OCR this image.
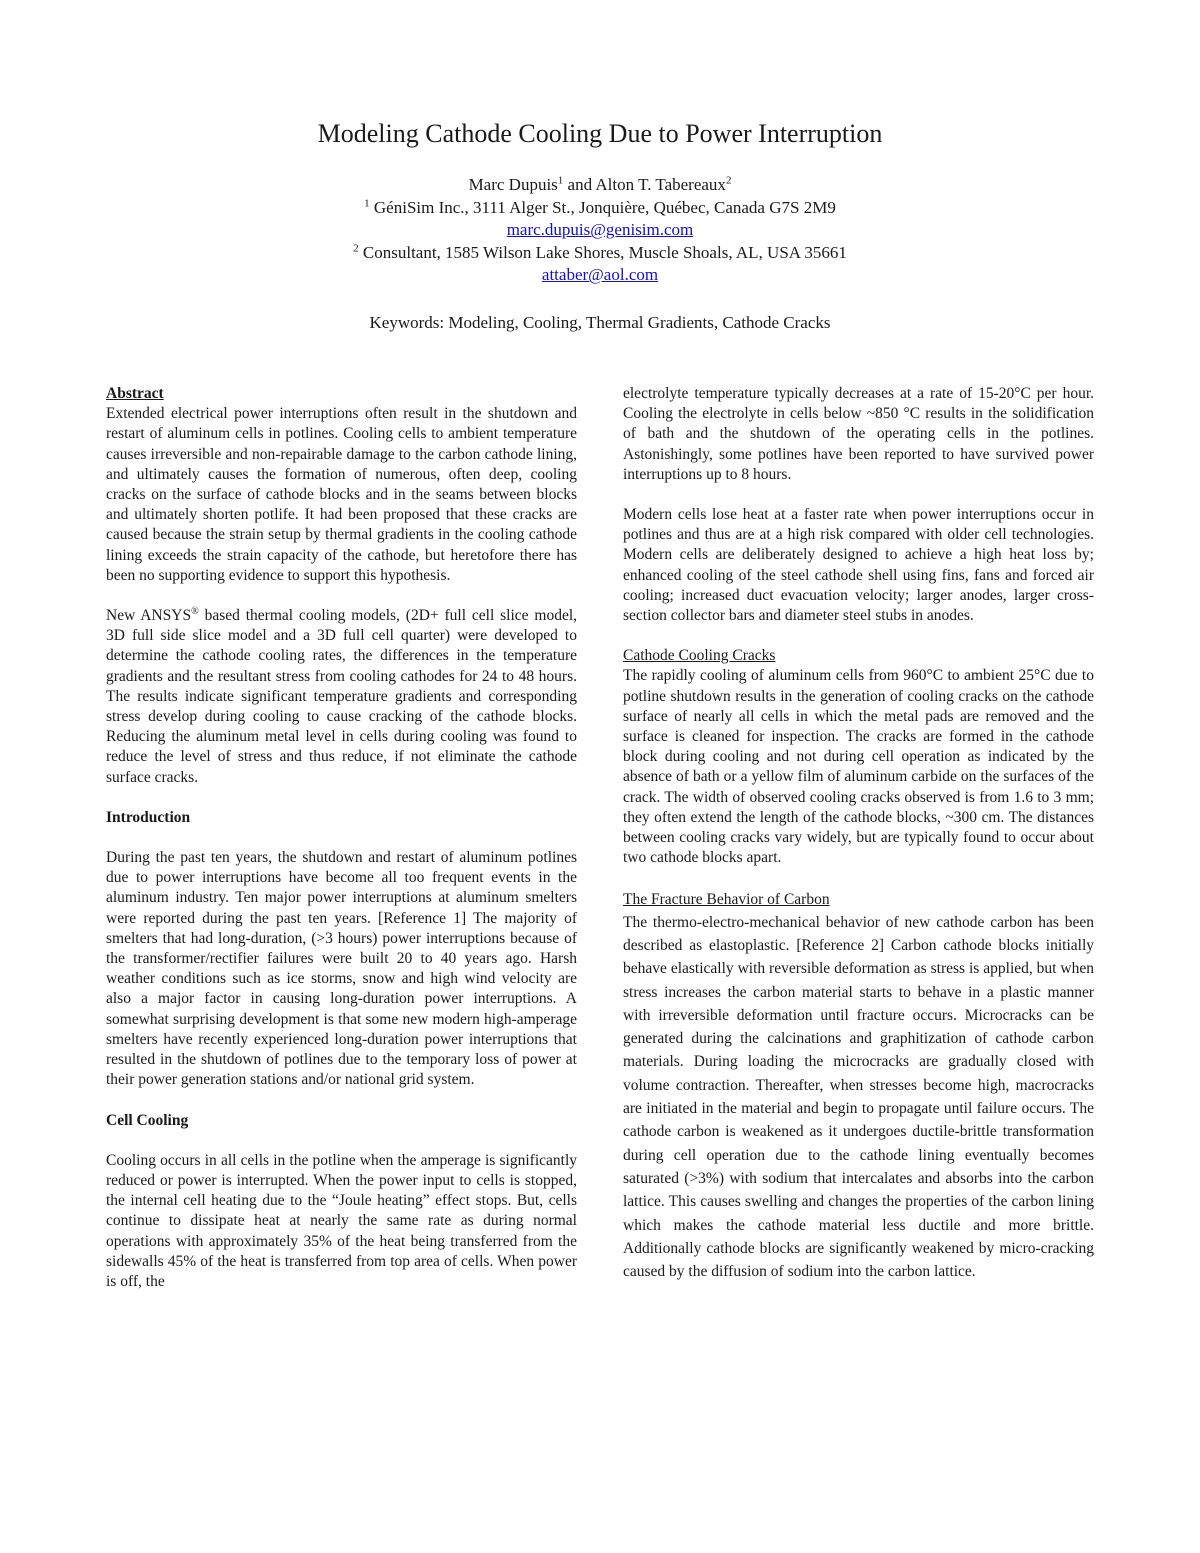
Modeling Cathode Cooling Due to Power Interruption
Marc Dupuis$^1$ and Alton T. Tabereaux$^2$
$^1$ GéniSim Inc., 3111 Alger St., Jonquière, Québec, Canada G7S 2M9
marc.dupuis@genisim.com
$^2$ Consultant, 1585 Wilson Lake Shores, Muscle Shoals, AL, USA 35661
attaber@aol.com
Keywords: Modeling, Cooling, Thermal Gradients, Cathode Cracks

Abstract

Extended electrical power interruptions often result in the shutdown and restart of aluminum cells in potlines. Cooling cells to ambient temperature causes irreversible and non-repairable damage to the carbon cathode lining, and ultimately causes the formation of numerous, often deep, cooling cracks on the surface of cathode blocks and in the seams between blocks and ultimately shorten potlife. It had been proposed that these cracks are caused because the strain setup by thermal gradients in the cooling cathode lining exceeds the strain capacity of the cathode, but heretofore there has been no supporting evidence to support this hypothesis.

New ANSYS® based thermal cooling models, (2D+ full cell slice model, 3D full side slice model and a 3D full cell quarter) were developed to determine the cathode cooling rates, the differences in the temperature gradients and the resultant stress from cooling cathodes for 24 to 48 hours. The results indicate significant temperature gradients and corresponding stress develop during cooling to cause cracking of the cathode blocks. Reducing the aluminum metal level in cells during cooling was found to reduce the level of stress and thus reduce, if not eliminate the cathode surface cracks.

Introduction

During the past ten years, the shutdown and restart of aluminum potlines due to power interruptions have become all too frequent events in the aluminum industry. Ten major power interruptions at aluminum smelters were reported during the past ten years. [Reference 1] The majority of smelters that had long-duration, (>3 hours) power interruptions because of the transformer/rectifier failures were built 20 to 40 years ago. Harsh weather conditions such as ice storms, snow and high wind velocity are also a major factor in causing long-duration power interruptions. A somewhat surprising development is that some new modern high-amperage smelters have recently experienced long-duration power interruptions that resulted in the shutdown of potlines due to the temporary loss of power at their power generation stations and/or national grid system.

Cell Cooling

Cooling occurs in all cells in the potline when the amperage is significantly reduced or power is interrupted. When the power input to cells is stopped, the internal cell heating due to the “Joule heating” effect stops. But, cells continue to dissipate heat at nearly the same rate as during normal operations with approximately 35% of the heat being transferred from the sidewalls 45% of the heat is transferred from top area of cells. When power is off, the

electrolyte temperature typically decreases at a rate of 15-20°C per hour. Cooling the electrolyte in cells below ~850 °C results in the solidification of bath and the shutdown of the operating cells in the potlines. Astonishingly, some potlines have been reported to have survived power interruptions up to 8 hours.

Modern cells lose heat at a faster rate when power interruptions occur in potlines and thus are at a high risk compared with older cell technologies. Modern cells are deliberately designed to achieve a high heat loss by; enhanced cooling of the steel cathode shell using fins, fans and forced air cooling; increased duct evacuation velocity; larger anodes, larger cross-section collector bars and diameter steel stubs in anodes.

Cathode Cooling Cracks

The rapidly cooling of aluminum cells from 960°C to ambient 25°C due to potline shutdown results in the generation of cooling cracks on the cathode surface of nearly all cells in which the metal pads are removed and the surface is cleaned for inspection. The cracks are formed in the cathode block during cooling and not during cell operation as indicated by the absence of bath or a yellow film of aluminum carbide on the surfaces of the crack. The width of observed cooling cracks observed is from 1.6 to 3 mm; they often extend the length of the cathode blocks, ~300 cm. The distances between cooling cracks vary widely, but are typically found to occur about two cathode blocks apart.

The Fracture Behavior of Carbon

The thermo-electro-mechanical behavior of new cathode carbon has been described as elastoplastic. [Reference 2] Carbon cathode blocks initially behave elastically with reversible deformation as stress is applied, but when stress increases the carbon material starts to behave in a plastic manner with irreversible deformation until fracture occurs. Microcracks can be generated during the calcinations and graphitization of cathode carbon materials. During loading the microcracks are gradually closed with volume contraction. Thereafter, when stresses become high, macrocracks are initiated in the material and begin to propagate until failure occurs. The cathode carbon is weakened as it undergoes ductile-brittle transformation during cell operation due to the cathode lining eventually becomes saturated (>3%) with sodium that intercalates and absorbs into the carbon lattice. This causes swelling and changes the properties of the carbon lining which makes the cathode material less ductile and more brittle. Additionally cathode blocks are significantly weakened by micro-cracking caused by the diffusion of sodium into the carbon lattice.
